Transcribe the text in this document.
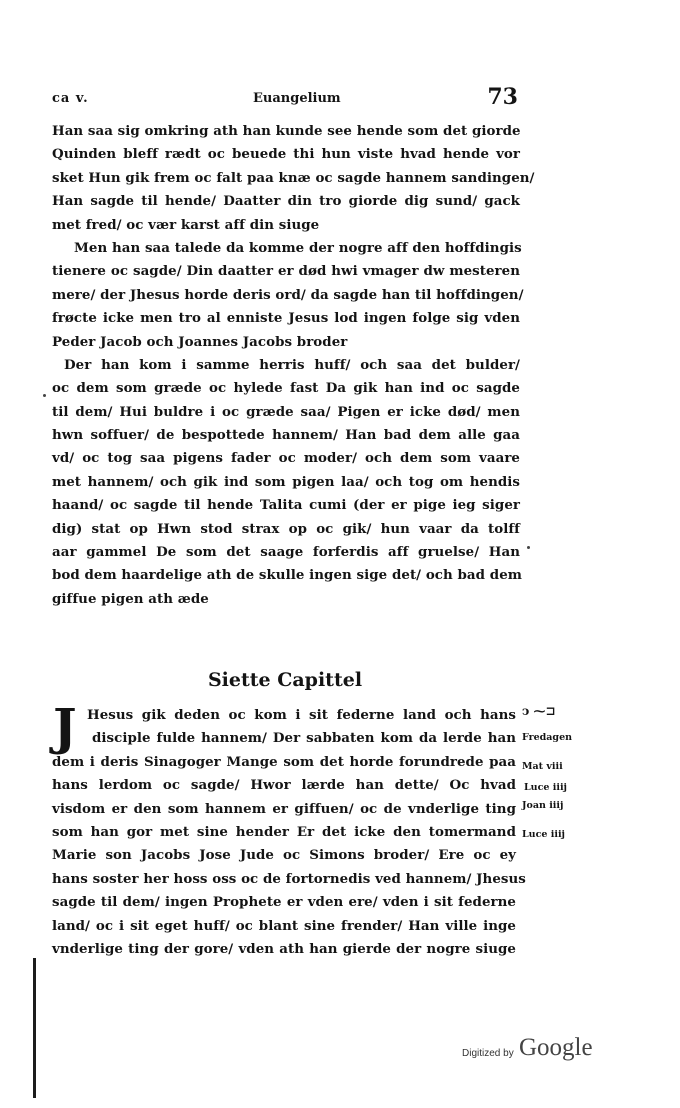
ca v.	Euangelium	73
Han saa sig omkring ath han kunde see hende som det giorde
Quinden bleff rædt oc beuede thi hun viste hvad hende vor
sket Hun gik frem oc falt paa knæ oc sagde hannem sandingen/
Han sagde til hende/ Daatter din tro giorde dig sund/ gack
met fred/ oc vær karst aff din siuge
Men han saa talede da komme der nogre aff den hoffdingis
tienere oc sagde/ Din daatter er død hwi vmager dw mesteren
mere/ der Jhesus horde deris ord/ da sagde han til hoffdingen/
frøcte icke men tro al enniste Jesus lod ingen folge sig vden
Peder Jacob och Joannes Jacobs broder
Der han kom i samme herris huff/ och saa det bulder/
oc dem som græde oc hylede fast Da gik han ind oc sagde
til dem/ Hui buldre i oc græde saa/ Pigen er icke død/ men
hwn soffuer/ de bespottede hannem/ Han bad dem alle gaa
vd/ oc tog saa pigens fader oc moder/ och dem som vaare
met hannem/ och gik ind som pigen laa/ och tog om hendis
haand/ oc sagde til hende Talita cumi (der er pige ieg siger
dig) stat op Hwn stod strax op oc gik/ hun vaar da tolff
aar gammel De som det saage forferdis aff gruelse/ Han
bod dem haardelige ath de skulle ingen sige det/ och bad dem
giffue pigen ath æde
Siette Capittel
J Hesus gik deden oc kom i sit federne land och hans
disciple fulde hannem/ Der sabbaten kom da lerde han
dem i deris Sinagoger Mange som det horde forundrede paa
hans lerdom oc sagde/ Hwor lærde han dette/ Oc hvad
visdom er den som hannem er giffuen/ oc de vnderlige ting
som han gor met sine hender Er det icke den tomermand
Marie son Jacobs Jose Jude oc Simons broder/ Ere oc ey
hans soster her hoss oss oc de fortornedis ved hannem/ Jhesus
sagde til dem/ ingen Prophete er vden ere/ vden i sit federne
land/ oc i sit eget huff/ oc blant sine frender/ Han ville inge
vnderlige ting der gore/ vden ath han gierde der nogre siuge
ↄ ⁓⊐
Fredagen
Mat viii
Luce iiij
Joan iiij
Luce iiij
Digitized by Google
